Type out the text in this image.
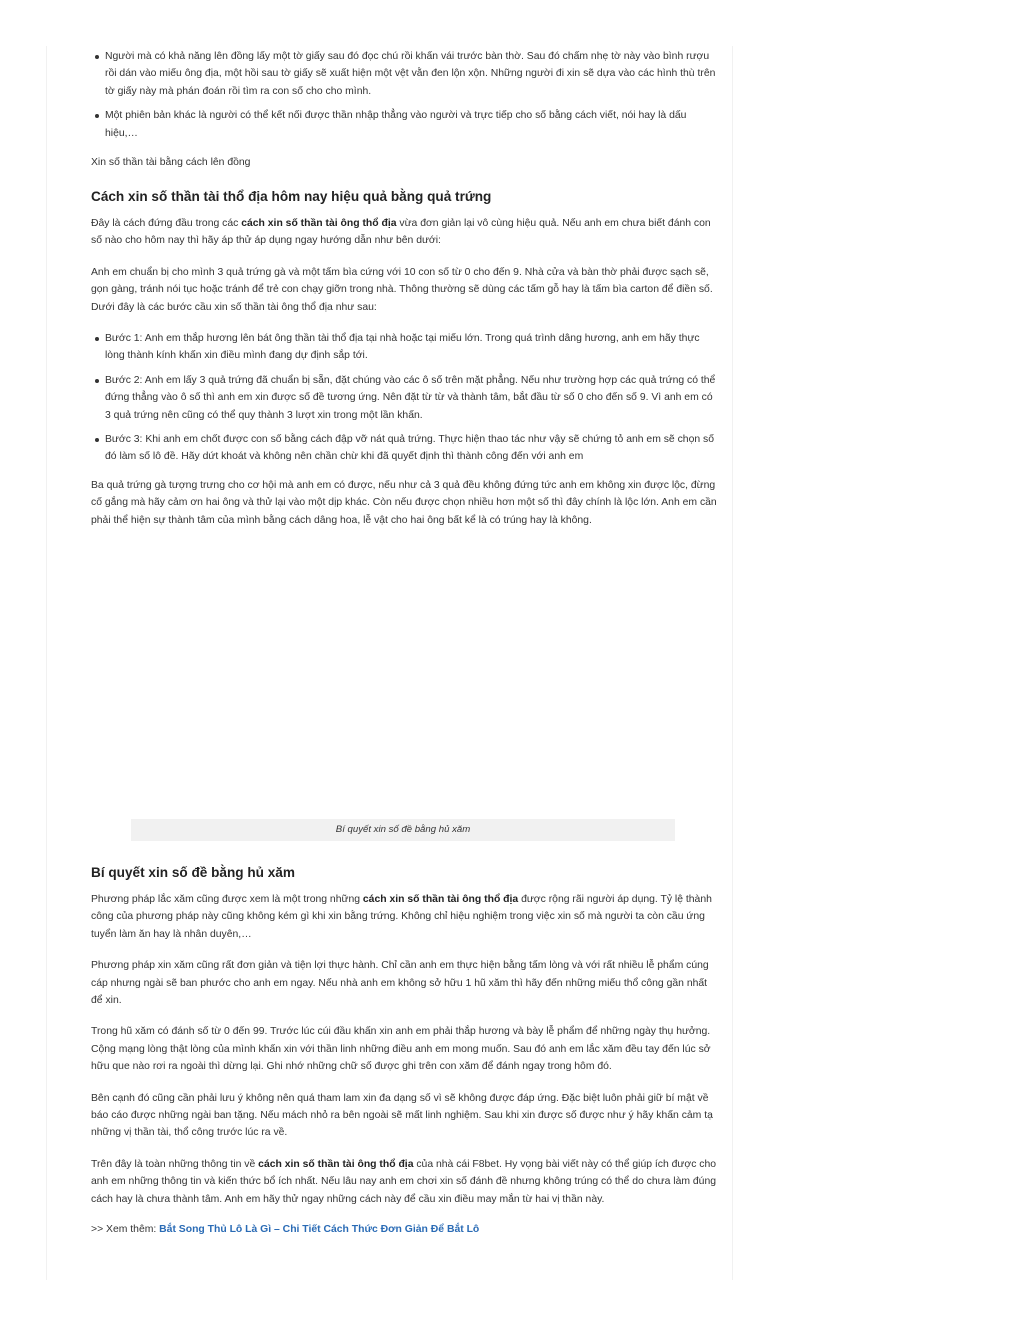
Người mà có khả năng lên đồng lấy một tờ giấy sau đó đọc chú rồi khấn vái trước bàn thờ. Sau đó chấm nhẹ tờ này vào bình rượu rồi dán vào miếu ông địa, một hồi sau tờ giấy sẽ xuất hiện một vệt vằn đen lộn xộn. Những người đi xin sẽ dựa vào các hình thù trên tờ giấy này mà phán đoán rồi tìm ra con số cho cho mình.
Một phiên bản khác là người có thể kết nối được thần nhập thẳng vào người và trực tiếp cho số bằng cách viết, nói hay là dấu hiệu,…

Xin số thần tài bằng cách lên đồng

Cách xin số thần tài thổ địa hôm nay hiệu quả bằng quả trứng

Đây là cách đứng đầu trong các cách xin số thần tài ông thổ địa vừa đơn giản lại vô cùng hiệu quả. Nếu anh em chưa biết đánh con số nào cho hôm nay thì hãy áp thử áp dụng ngay hướng dẫn như bên dưới:

Anh em chuẩn bị cho mình 3 quả trứng gà và một tấm bìa cứng với 10 con số từ 0 cho đến 9. Nhà cửa và bàn thờ phải được sạch sẽ, gọn gàng, tránh nói tục hoặc tránh để trẻ con chạy giỡn trong nhà. Thông thường sẽ dùng các tấm gỗ hay là tấm bìa carton để điền số. Dưới đây là các bước cầu xin số thần tài ông thổ địa như sau:

Bước 1: Anh em thắp hương lên bát ông thần tài thổ địa tại nhà hoặc tại miếu lớn. Trong quá trình dâng hương, anh em hãy thực lòng thành kính khấn xin điều mình đang dự định sắp tới.
Bước 2: Anh em lấy 3 quả trứng đã chuẩn bị sẵn, đặt chúng vào các ô số trên mặt phẳng. Nếu như trường hợp các quả trứng có thể đứng thẳng vào ô số thì anh em xin được số đề tương ứng. Nên đặt từ từ và thành tâm, bắt đầu từ số 0 cho đến số 9. Vì anh em có 3 quả trứng nên cũng có thể quy thành 3 lượt xin trong một lần khấn.
Bước 3: Khi anh em chốt được con số bằng cách đập vỡ nát quả trứng. Thực hiện thao tác như vậy sẽ chứng tỏ anh em sẽ chọn số đó làm số lô đề. Hãy dứt khoát và không nên chần chừ khi đã quyết định thì thành công đến với anh em

Ba quả trứng gà tượng trưng cho cơ hội mà anh em có được, nếu như cả 3 quả đều không đứng tức anh em không xin được lộc, đừng cố gắng mà hãy cảm ơn hai ông và thử lại vào một dịp khác. Còn nếu được chọn nhiều hơn một số thì đây chính là lộc lớn. Anh em cần phải thể hiện sự thành tâm của mình bằng cách dâng hoa, lễ vật cho hai ông bất kể là có trúng hay là không.

Bí quyết xin số đề bằng hủ xăm
Bí quyết xin số đề bằng hủ xăm

Phương pháp lắc xăm cũng được xem là một trong những cách xin số thần tài ông thổ địa được rộng rãi người áp dụng. Tỷ lệ thành công của phương pháp này cũng không kém gì khi xin bằng trứng. Không chỉ hiệu nghiệm trong việc xin số mà người ta còn cầu ứng tuyển làm ăn hay là nhân duyên,…

Phương pháp xin xăm cũng rất đơn giản và tiện lợi thực hành. Chỉ cần anh em thực hiện bằng tấm lòng và với rất nhiều lễ phẩm cúng cáp nhưng ngài sẽ ban phước cho anh em ngay. Nếu nhà anh em không sở hữu 1 hũ xăm thì hãy đến những miếu thổ công gần nhất để xin.

Trong hũ xăm có đánh số từ 0 đến 99. Trước lúc cúi đầu khấn xin anh em phải thắp hương và bày lễ phẩm để những ngày thụ hưởng. Cộng mạng lòng thật lòng của mình khấn xin với thần linh những điều anh em mong muốn. Sau đó anh em lắc xăm đều tay đến lúc sở hữu que nào rơi ra ngoài thì dừng lại. Ghi nhớ những chữ số được ghi trên con xăm để đánh ngay trong hôm đó.

Bên cạnh đó cũng cần phải lưu ý không nên quá tham lam xin đa dạng số vì sẽ không được đáp ứng. Đặc biệt luôn phải giữ bí mật về báo cáo được những ngài ban tặng. Nếu mách nhỏ ra bên ngoài sẽ mất linh nghiệm. Sau khi xin được số được như ý hãy khấn cảm tạ những vị thần tài, thổ công trước lúc ra về.

Trên đây là toàn những thông tin về cách xin số thần tài ông thổ địa của nhà cái F8bet. Hy vọng bài viết này có thể giúp ích được cho anh em những thông tin và kiến thức bổ ích nhất. Nếu lâu nay anh em chơi xin số đánh đề nhưng không trúng có thể do chưa làm đúng cách hay là chưa thành tâm. Anh em hãy thử ngay những cách này để cầu xin điều may mắn từ hai vị thần này.

>> Xem thêm: Bắt Song Thủ Lô Là Gì – Chi Tiết Cách Thức Đơn Giản Để Bắt Lô
